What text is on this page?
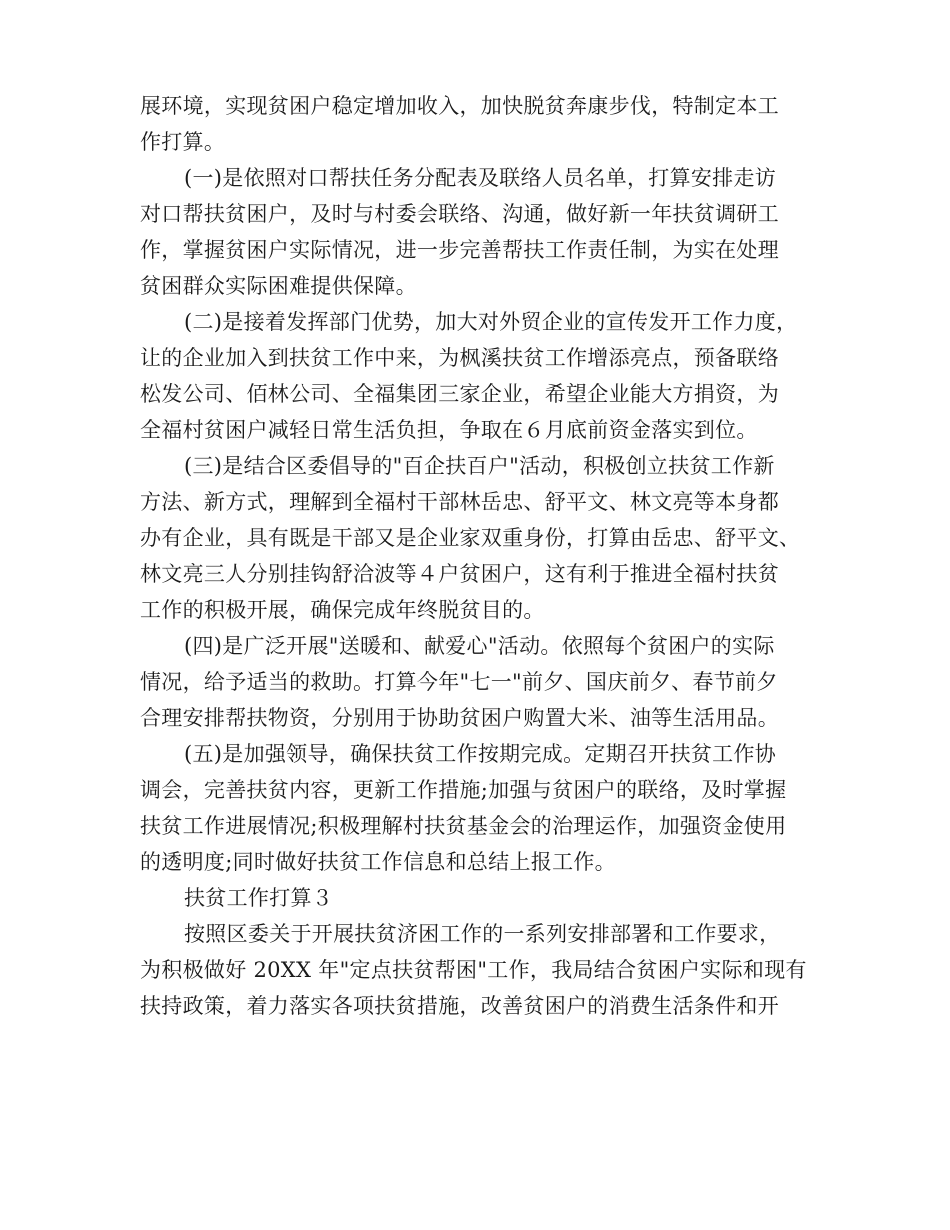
展环境，实现贫困户稳定增加收入，加快脱贫奔康步伐，特制定本工
作打算。
(一)是依照对口帮扶任务分配表及联络人员名单，打算安排走访
对口帮扶贫困户，及时与村委会联络、沟通，做好新一年扶贫调研工
作，掌握贫困户实际情况，进一步完善帮扶工作责任制，为实在处理
贫困群众实际困难提供保障。
(二)是接着发挥部门优势，加大对外贸企业的宣传发开工作力度，
让的企业加入到扶贫工作中来，为枫溪扶贫工作增添亮点，预备联络
松发公司、佰林公司、全福集团三家企业，希望企业能大方捐资，为
全福村贫困户减轻日常生活负担，争取在６月底前资金落实到位。
(三)是结合区委倡导的"百企扶百户"活动，积极创立扶贫工作新
方法、新方式，理解到全福村干部林岳忠、舒平文、林文亮等本身都
办有企业，具有既是干部又是企业家双重身份，打算由岳忠、舒平文、
林文亮三人分别挂钩舒洽波等４户贫困户，这有利于推进全福村扶贫
工作的积极开展，确保完成年终脱贫目的。
(四)是广泛开展"送暖和、献爱心"活动。依照每个贫困户的实际
情况，给予适当的救助。打算今年"七一"前夕、国庆前夕、春节前夕
合理安排帮扶物资，分别用于协助贫困户购置大米、油等生活用品。
(五)是加强领导，确保扶贫工作按期完成。定期召开扶贫工作协
调会，完善扶贫内容，更新工作措施;加强与贫困户的联络，及时掌握
扶贫工作进展情况;积极理解村扶贫基金会的治理运作，加强资金使用
的透明度;同时做好扶贫工作信息和总结上报工作。
扶贫工作打算３
按照区委关于开展扶贫济困工作的一系列安排部署和工作要求，
为积极做好 20XX 年"定点扶贫帮困"工作，我局结合贫困户实际和现有
扶持政策，着力落实各项扶贫措施，改善贫困户的消费生活条件和开
